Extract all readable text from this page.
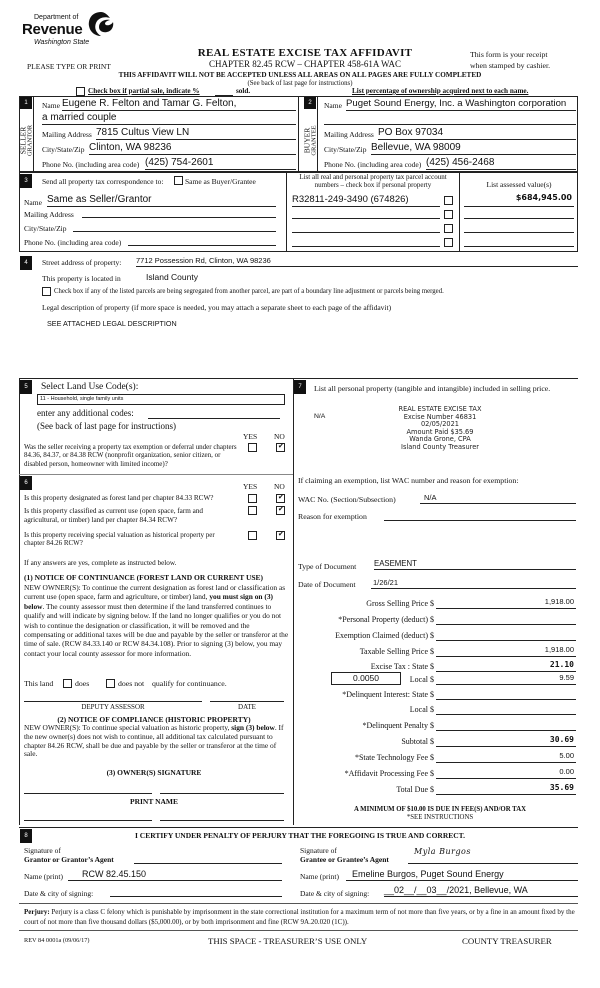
Department of
Revenue
Washington State
PLEASE TYPE OR PRINT
REAL ESTATE EXCISE TAX AFFIDAVIT
CHAPTER 82.45 RCW – CHAPTER 458-61A WAC
This form is your receipt
when stamped by cashier.
THIS AFFIDAVIT WILL NOT BE ACCEPTED UNLESS ALL AREAS ON ALL PAGES ARE FULLY COMPLETED
(See back of last page for instructions)
Check box if partial sale, indicate %	sold.	List percentage of ownership acquired next to each name.
1
SELLER
GRANTOR
Name Eugene R. Felton and Tamar G. Felton,
a married couple
Mailing Address 7815 Cultus View LN
City/State/Zip Clinton, WA 98236
Phone No. (including area code) (425) 754-2601
2
BUYER
GRANTEE
Name Puget Sound Energy, Inc. a Washington corporation
Mailing Address PO Box 97034
City/State/Zip Bellevue, WA 98009
Phone No. (including area code) (425) 456-2468
3	Send all property tax correspondence to:	Same as Buyer/Grantee
Name Same as Seller/Grantor
Mailing Address
City/State/Zip
Phone No. (including area code)
List all real and personal property tax parcel account numbers – check box if personal property	List assessed value(s)
R32811-249-3490 (674826)	$684,945.00
4	Street address of property: 7712 Possession Rd, Clinton, WA 98236
This property is located in	Island County
Check box if any of the listed parcels are being segregated from another parcel, are part of a boundary line adjustment or parcels being merged.
Legal description of property (if more space is needed, you may attach a separate sheet to each page of the affidavit)
SEE ATTACHED LEGAL DESCRIPTION
5	Select Land Use Code(s):
11 - Household, single family units
enter any additional codes:
(See back of last page for instructions)
YES NO
Was the seller receiving a property tax exemption or deferral under chapters 84.36, 84.37, or 84.38 RCW (nonprofit organization, senior citizen, or disabled person, homeowner with limited income)?
✔
6	YES NO
Is this property designated as forest land per chapter 84.33 RCW?
✔
Is this property classified as current use (open space, farm and agricultural, or timber) land per chapter 84.34 RCW?
✔
Is this property receiving special valuation as historical property per chapter 84.26 RCW?
✔
If any answers are yes, complete as instructed below.
(1) NOTICE OF CONTINUANCE (FOREST LAND OR CURRENT USE)
NEW OWNER(S): To continue the current designation as forest land or classification as current use (open space, farm and agriculture, or timber) land, you must sign on (3) below. The county assessor must then determine if the land transferred continues to qualify and will indicate by signing below. If the land no longer qualifies or you do not wish to continue the designation or classification, it will be removed and the compensating or additional taxes will be due and payable by the seller or transferor at the time of sale. (RCW 84.33.140 or RCW 84.34.108). Prior to signing (3) below, you may contact your local county assessor for more information.
This land	does	does not qualify for continuance.
DEPUTY ASSESSOR	DATE
(2) NOTICE OF COMPLIANCE (HISTORIC PROPERTY)
NEW OWNER(S): To continue special valuation as historic property, sign (3) below. If the new owner(s) does not wish to continue, all additional tax calculated pursuant to chapter 84.26 RCW, shall be due and payable by the seller or transferor at the time of sale.
(3) OWNER(S) SIGNATURE
PRINT NAME
7	List all personal property (tangible and intangible) included in selling price.
N/A
REAL ESTATE EXCISE TAX
Excise Number 46831
02/05/2021
Amount Paid $35.69
Wanda Grone, CPA
Island County Treasurer
If claiming an exemption, list WAC number and reason for exemption:
WAC No. (Section/Subsection)	N/A
Reason for exemption
Type of Document EASEMENT
Date of Document 1/26/21
Gross Selling Price $	1,918.00
*Personal Property (deduct) $
Exemption Claimed (deduct) $
Taxable Selling Price $	1,918.00
Excise Tax : State $	21.10
0.0050	Local $	9.59
*Delinquent Interest: State $
Local $
*Delinquent Penalty $
Subtotal $	30.69
*State Technology Fee $	5.00
*Affidavit Processing Fee $	0.00
Total Due $	35.69
A MINIMUM OF $10.00 IS DUE IN FEE(S) AND/OR TAX
*SEE INSTRUCTIONS
8	I CERTIFY UNDER PENALTY OF PERJURY THAT THE FOREGOING IS TRUE AND CORRECT.
Signature of
Grantor or Grantor’s Agent
Name (print)	RCW 82.45.150
Date & city of signing:
Signature of
Grantee or Grantee’s Agent
Myla Burgos
Name (print)	Emeline Burgos, Puget Sound Energy
Date & city of signing: __02__/__03__/2021, Bellevue, WA
Perjury: Perjury is a class C felony which is punishable by imprisonment in the state correctional institution for a maximum term of not more than five years, or by a fine in an amount fixed by the court of not more than five thousand dollars ($5,000.00), or by both imprisonment and fine (RCW 9A.20.020 (1C)).
REV 84 0001a (09/06/17)	THIS SPACE - TREASURER’S USE ONLY	COUNTY TREASURER
